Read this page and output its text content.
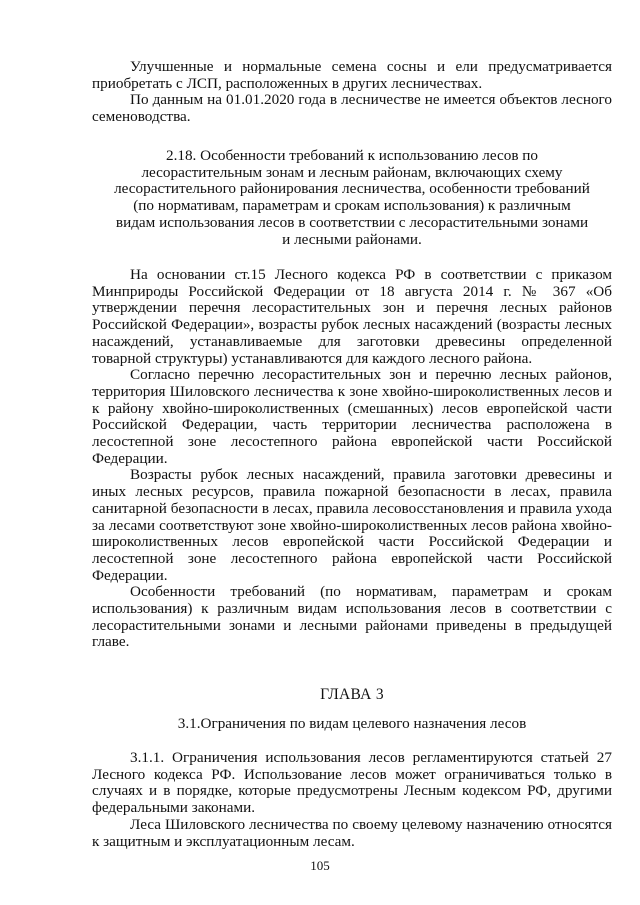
Улучшенные и нормальные семена сосны и ели предусматривается приобретать с ЛСП, расположенных в других лесничествах.

По данным на 01.01.2020 года в лесничестве не имеется объектов лесного семеноводства.

2.18. Особенности требований к использованию лесов по лесорастительным зонам и лесным районам, включающих схему лесорастительного районирования лесничества, особенности требований (по нормативам, параметрам и срокам использования) к различным видам использования лесов в соответствии с лесорастительными зонами и лесными районами.

На основании ст.15 Лесного кодекса РФ в соответствии с приказом Минприроды Российской Федерации от 18 августа 2014 г. № 367 «Об утверждении перечня лесорастительных зон и перечня лесных районов Российской Федерации», возрасты рубок лесных насаждений (возрасты лесных насаждений, устанавливаемые для заготовки древесины определенной товарной структуры) устанавливаются для каждого лесного района.

Согласно перечню лесорастительных зон и перечню лесных районов, территория Шиловского лесничества к зоне хвойно-широколиственных лесов и к району хвойно-широколиственных (смешанных) лесов европейской части Российской Федерации, часть территории лесничества расположена в лесостепной зоне лесостепного района европейской части Российской Федерации.

Возрасты рубок лесных насаждений, правила заготовки древесины и иных лесных ресурсов, правила пожарной безопасности в лесах, правила санитарной безопасности в лесах, правила лесовосстановления и правила ухода за лесами соответствуют зоне хвойно-широколиственных лесов района хвойно-широколиственных лесов европейской части Российской Федерации и лесостепной зоне лесостепного района европейской части Российской Федерации.

Особенности требований (по нормативам, параметрам и срокам использования) к различным видам использования лесов в соответствии с лесорастительными зонами и лесными районами приведены в предыдущей главе.

ГЛАВА 3
3.1.Ограничения по видам целевого назначения лесов

3.1.1. Ограничения использования лесов регламентируются статьей 27 Лесного кодекса РФ. Использование лесов может ограничиваться только в случаях и в порядке, которые предусмотрены Лесным кодексом РФ, другими федеральными законами.

Леса Шиловского лесничества по своему целевому назначению относятся к защитным и эксплуатационным лесам.

105
